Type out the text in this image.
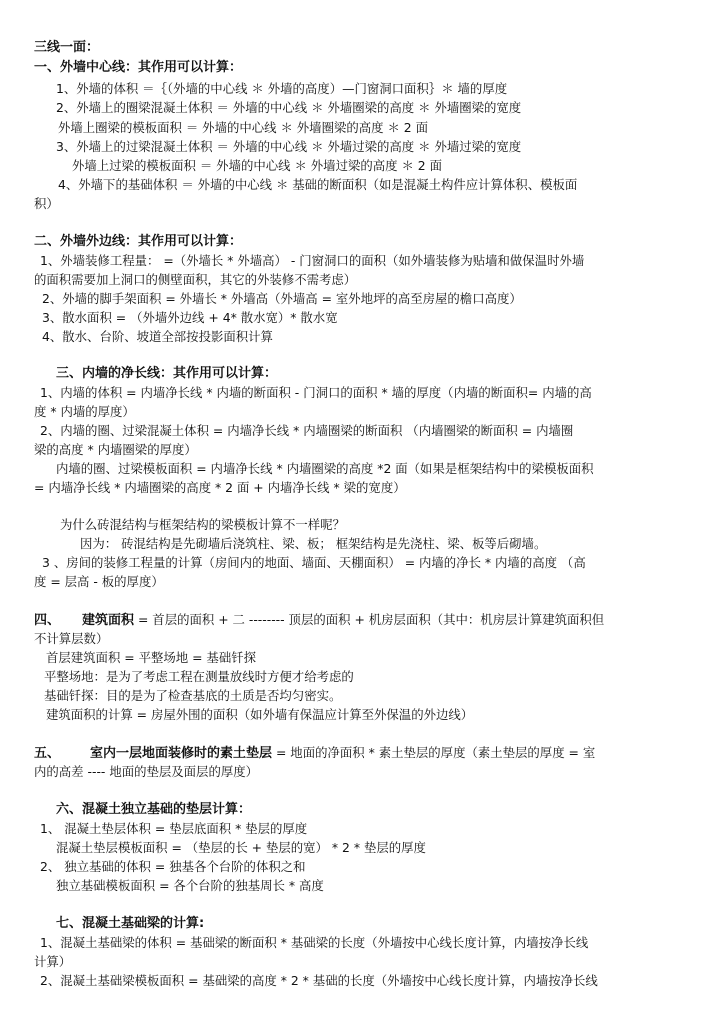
三线一面：
一、外墙中心线：其作用可以计算：
1、外墙的体积 ＝｛（外墙的中心线 ＊ 外墙的高度）—门窗洞口面积｝＊ 墙的厚度
2、外墙上的圈梁混凝土体积 ＝ 外墙的中心线 ＊ 外墙圈梁的高度 ＊ 外墙圈梁的宽度
外墙上圈梁的模板面积 ＝ 外墙的中心线 ＊ 外墙圈梁的高度 ＊ 2 面
3、外墙上的过梁混凝土体积 ＝ 外墙的中心线 ＊ 外墙过梁的高度 ＊ 外墙过梁的宽度
外墙上过梁的模板面积 ＝ 外墙的中心线 ＊ 外墙过梁的高度 ＊ 2 面
4、外墙下的基础体积 ＝ 外墙的中心线 ＊ 基础的断面积（如是混凝土构件应计算体积、模板面
积）
二、外墙外边线：其作用可以计算：
1、外墙装修工程量： =（外墙长 * 外墙高） - 门窗洞口的面积（如外墙装修为贴墙和做保温时外墙
的面积需要加上洞口的侧壁面积，其它的外装修不需考虑）
2、外墙的脚手架面积 = 外墙长 * 外墙高（外墙高 = 室外地坪的高至房屋的檐口高度）
3、散水面积 = （外墙外边线 + 4* 散水宽）* 散水宽
4、散水、台阶、坡道全部按投影面积计算
三、内墙的净长线：其作用可以计算：
1、内墙的体积 = 内墙净长线 * 内墙的断面积 - 门洞口的面积 * 墙的厚度（内墙的断面积= 内墙的高
度 * 内墙的厚度）
2、内墙的圈、过梁混凝土体积 = 内墙净长线 * 内墙圈梁的断面积 （内墙圈梁的断面积 = 内墙圈
梁的高度 * 内墙圈梁的厚度）
内墙的圈、过梁模板面积 = 内墙净长线 * 内墙圈梁的高度 *2 面（如果是框架结构中的梁模板面积
= 内墙净长线 * 内墙圈梁的高度 * 2 面 + 内墙净长线 * 梁的宽度）
为什么砖混结构与框架结构的梁模板计算不一样呢？
因为： 砖混结构是先砌墙后浇筑柱、梁、板； 框架结构是先浇柱、梁、板等后砌墙。
3 、房间的装修工程量的计算（房间内的地面、墙面、天棚面积） = 内墙的净长 * 内墙的高度 （高
度 = 层高 - 板的厚度）
四、 建筑面积 = 首层的面积 + 二 -------- 顶层的面积 + 机房层面积（其中：机房层计算建筑面积但
不计算层数）
首层建筑面积 = 平整场地 = 基础钎探
平整场地：是为了考虑工程在测量放线时方便才给考虑的
基础钎探：目的是为了检查基底的土质是否均匀密实。
建筑面积的计算 = 房屋外围的面积（如外墙有保温应计算至外保温的外边线）
五、 室内一层地面装修时的素土垫层 = 地面的净面积 * 素土垫层的厚度（素土垫层的厚度 = 室
内的高差 ---- 地面的垫层及面层的厚度）
六、混凝土独立基础的垫层计算：
1、 混凝土垫层体积 = 垫层底面积 * 垫层的厚度
混凝土垫层模板面积 = （垫层的长 + 垫层的宽） * 2 * 垫层的厚度
2、 独立基础的体积 = 独基各个台阶的体积之和
独立基础模板面积 = 各个台阶的独基周长 * 高度
七、混凝土基础梁的计算:
1、混凝土基础梁的体积 = 基础梁的断面积 * 基础梁的长度（外墙按中心线长度计算，内墙按净长线
计算）
2、混凝土基础梁模板面积 = 基础梁的高度 * 2 * 基础的长度（外墙按中心线长度计算，内墙按净长线
